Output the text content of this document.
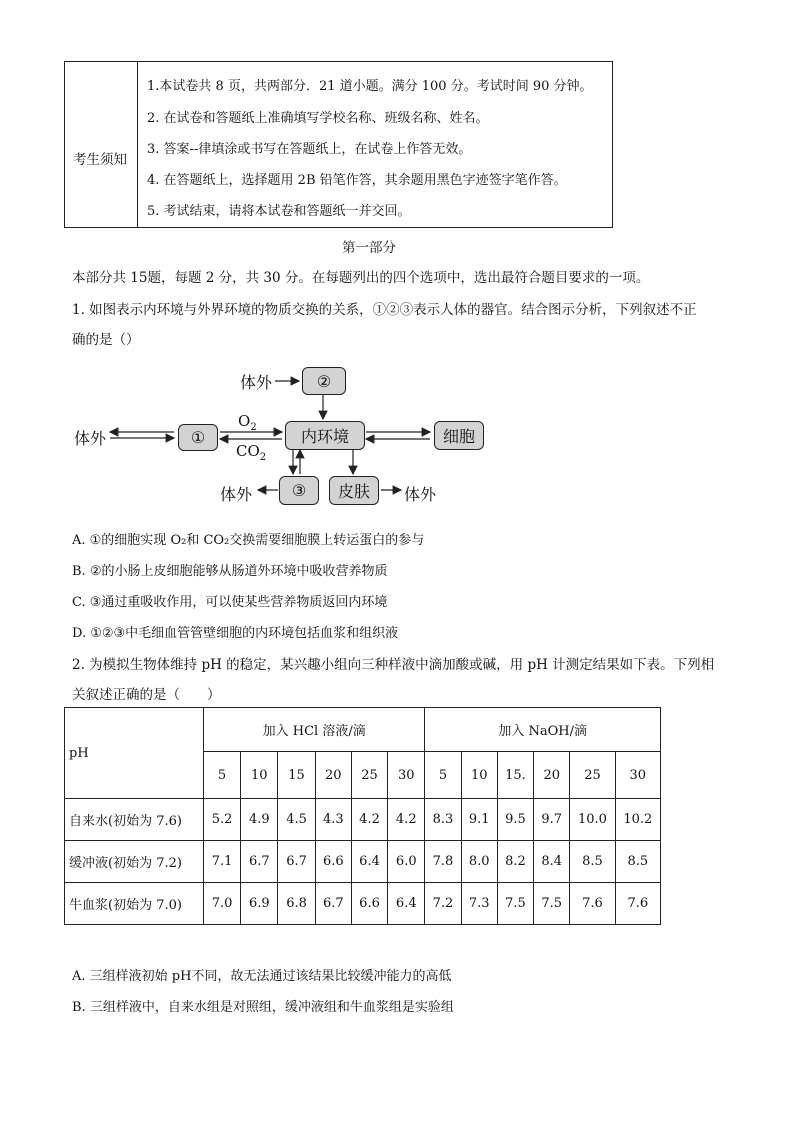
考生须知
1.本试卷共 8 页，共两部分．21 道小题。满分 100 分。考试时间 90 分钟。
2. 在试卷和答题纸上准确填写学校名称、班级名称、姓名。
3. 答案--律填涂或书写在答题纸上，在试卷上作答无效。
4. 在答题纸上，选择题用 2B 铅笔作答，其余题用黑色字迹签字笔作答。
5. 考试结束，请将本试卷和答题纸一并交回。
第一部分
本部分共 15题，每题 2 分，共 30 分。在每题列出的四个选项中，选出最符合题目要求的一项。
1. 如图表示内环境与外界环境的物质交换的关系，①②③表示人体的器官。结合图示分析，下列叙述不正
确的是（）
体外	②
体外	①
$O_2$
$CO_2$
内环境	细胞
体外 ③ 皮肤 体外
A. ①的细胞实现 O₂和 CO₂交换需要细胞膜上转运蛋白的参与
B. ②的小肠上皮细胞能够从肠道外环境中吸收营养物质
C. ③通过重吸收作用，可以使某些营养物质返回内环境
D. ①②③中毛细血管管壁细胞的内环境包括血浆和组织液
2. 为模拟生物体维持 pH 的稳定，某兴趣小组向三种样液中滴加酸或碱，用 pH 计测定结果如下表。下列相
关叙述正确的是（　　）
pH	加入 HCl 溶液/滴						加入 NaOH/滴					
	5	10	15	20	25	30	5	10	15.	20	25	30
自来水(初始为 7.6)	5.2	4.9	4.5	4.3	4.2	4.2	8.3	9.1	9.5	9.7	10.0	10.2
缓冲液(初始为 7.2)	7.1	6.7	6.7	6.6	6.4	6.0	7.8	8.0	8.2	8.4	8.5	8.5
牛血浆(初始为 7.0)	7.0	6.9	6.8	6.7	6.6	6.4	7.2	7.3	7.5	7.5	7.6	7.6
A. 三组样液初始 pH不同，故无法通过该结果比较缓冲能力的高低
B. 三组样液中，自来水组是对照组，缓冲液组和牛血浆组是实验组
